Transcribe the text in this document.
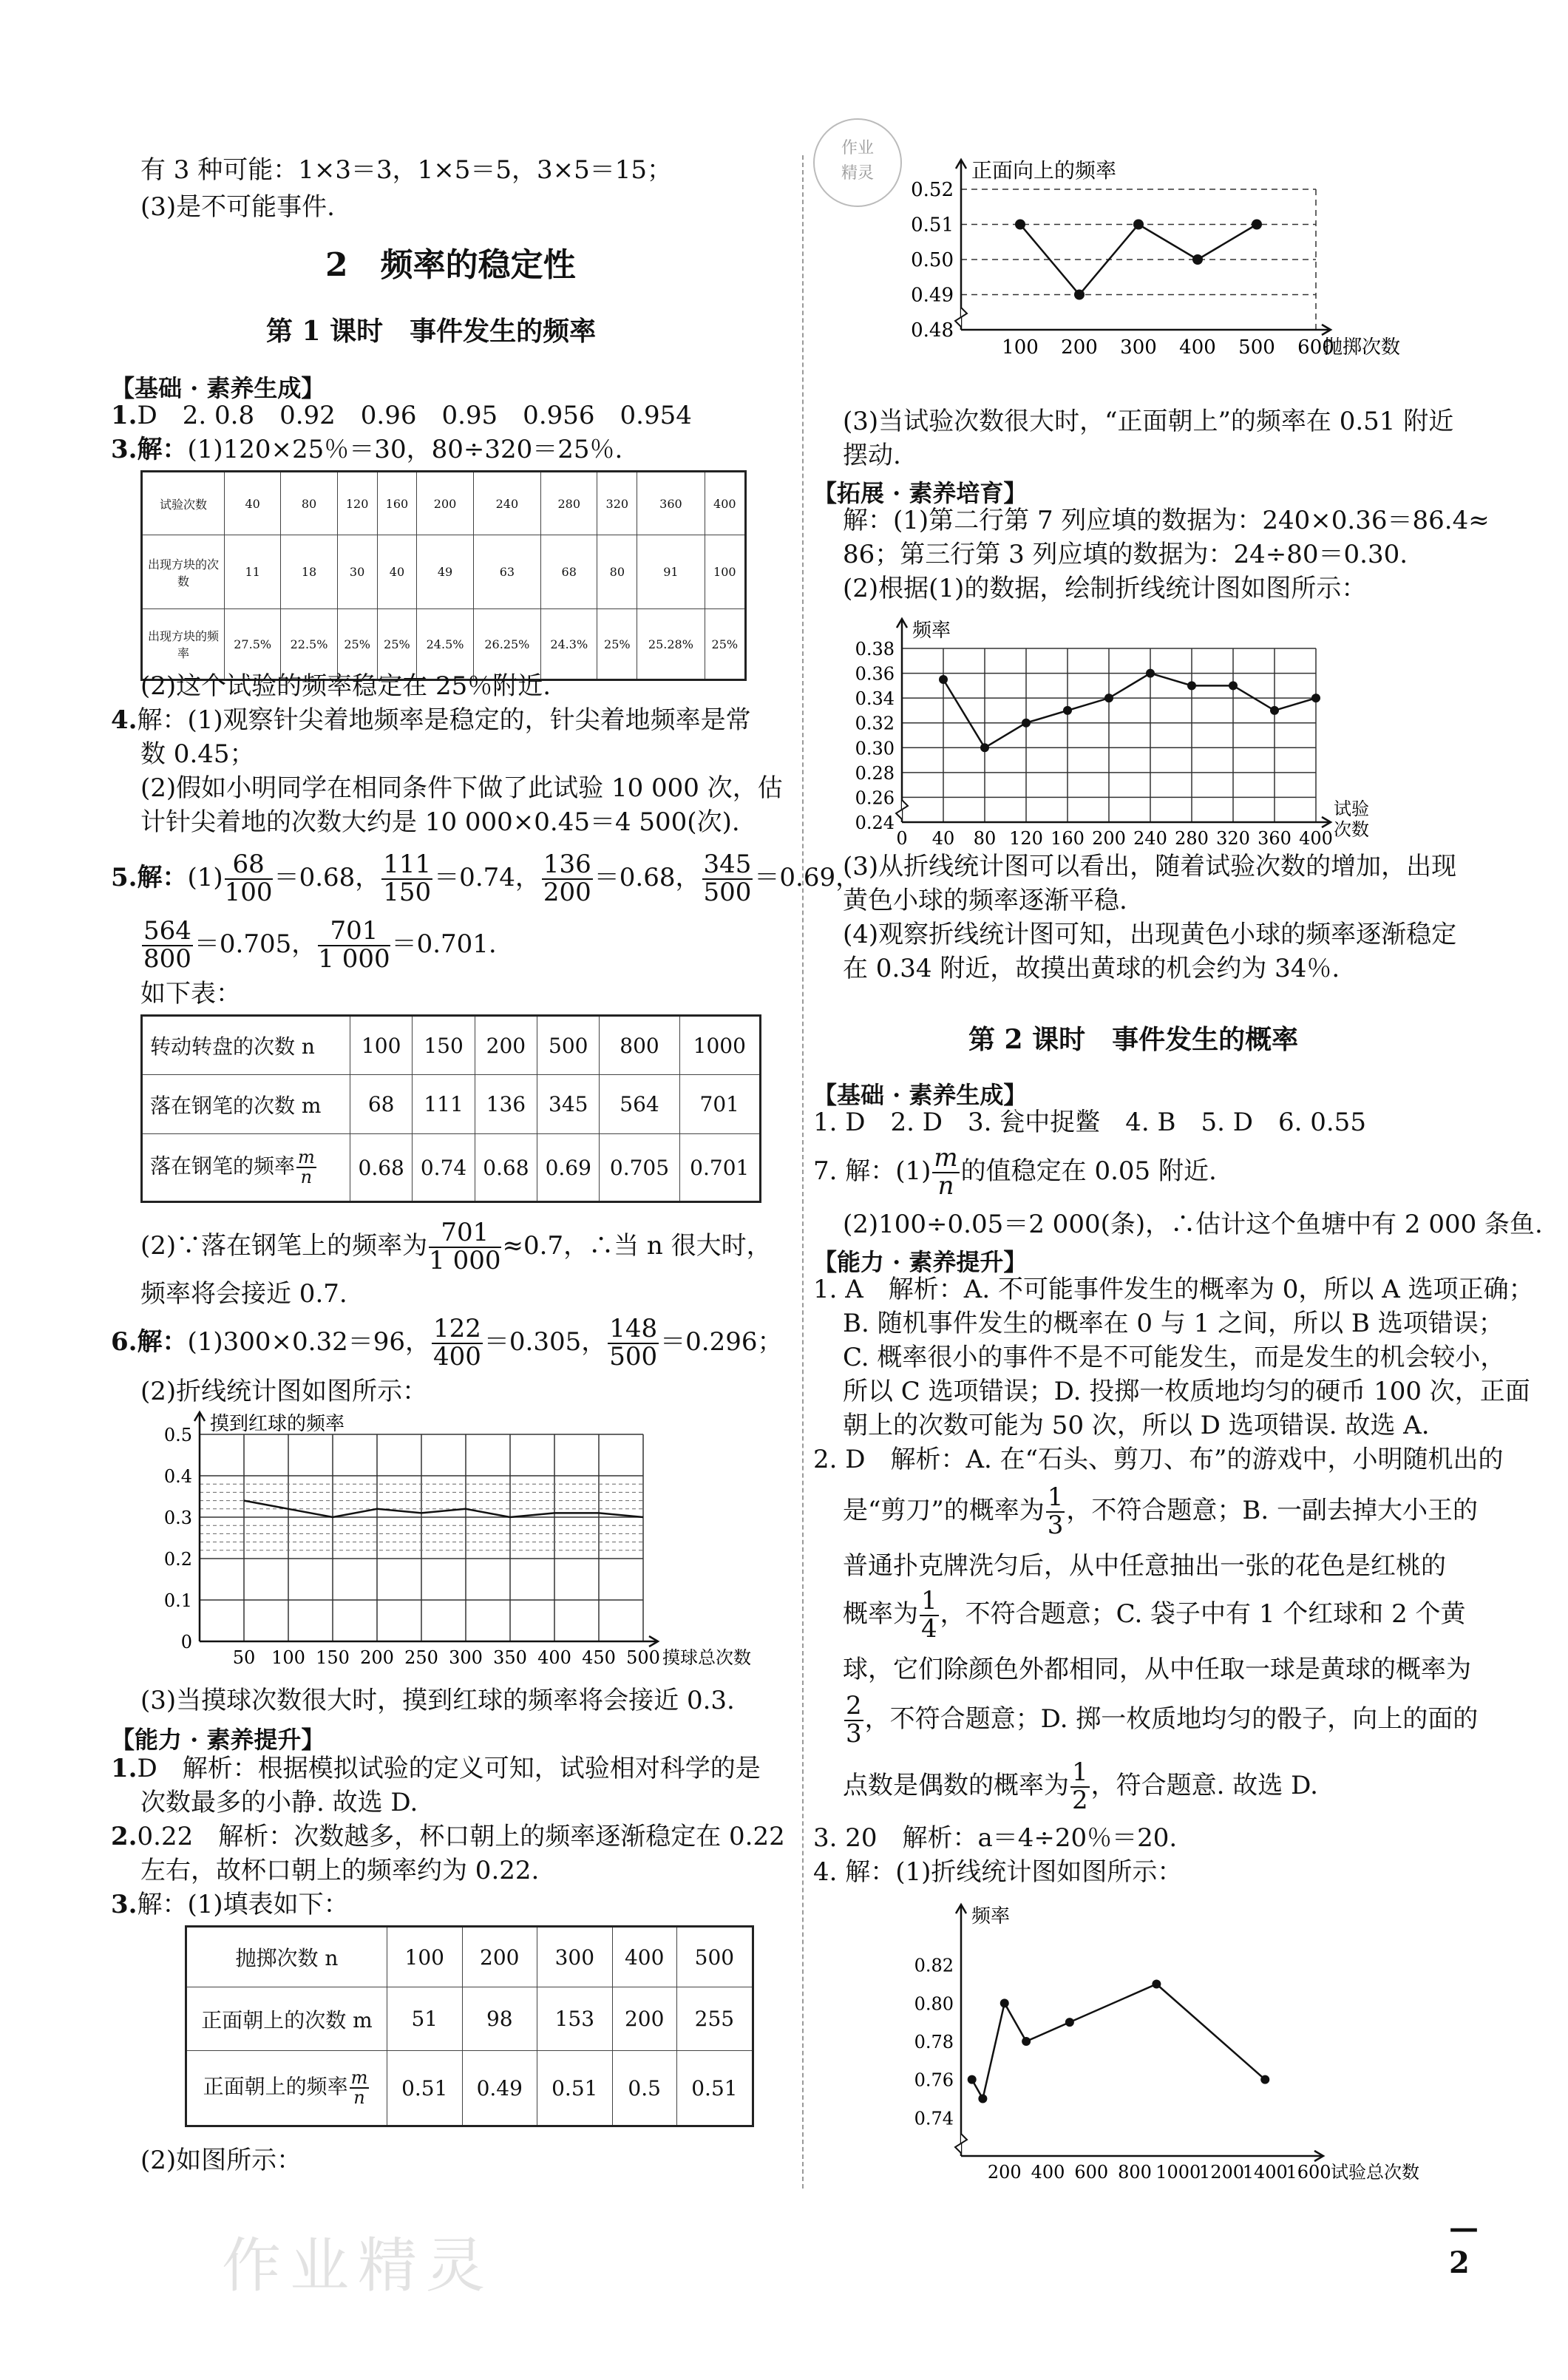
有 3 种可能：1×3＝3，1×5＝5，3×5＝15；
(3)是不可能事件.
2　频率的稳定性
第 1 课时　事件发生的频率
【基础 · 素养生成】
1.D　2. 0.8　0.92　0.96　0.95　0.956　0.954
3.解：(1)120×25％＝30，80÷320＝25％.
试验次数	40	80	120	160	200	240	280	320	360	400
出现方块的次数	11	18	30	40	49	63	68	80	91	100
出现方块的频率	27.5%	22.5%	25%	25%	24.5%	26.25%	24.3%	25%	25.28%	25%
(2)这个试验的频率稳定在 25％附近.
4.解：(1)观察针尖着地频率是稳定的，针尖着地频率是常
数 0.45；
(2)假如小明同学在相同条件下做了此试验 10 000 次，估
计针尖着地的次数大约是 10 000×0.45＝4 500(次).
5.解：$(1) \frac{68}{100} =0.68$， $\frac{111}{150} =0.74$， $\frac{136}{200} =0.68$， $\frac{345}{500} =0.69$，
$\frac{564}{800} =0.705$， $\frac{701}{1 000} =0.701$.
如下表：
转动转盘的次数 n	100	150	200	500	800	1000
落在钢笔的次数 m	68	111	136	345	564	701
落在钢笔的频率 $\frac{m}{n}$	0.68	0.74	0.68	0.69	0.705	0.701
(2)∵落在钢笔上的频率为 $\frac{701}{1 000} \approx 0.7$，∴当 n 很大时，
频率将会接近 0.7.
6.解：(1)300×0.32＝96， $\frac{122}{400} =0.305$， $\frac{148}{500} =0.296$；
(2)折线统计图如图所示：
0
0.1
0.2
0.3
0.4
0.5
50 100 150 200 250 300 350 400 450 500
摸到红球的频率
摸球总次数
(3)当摸球次数很大时，摸到红球的频率将会接近 0.3.
【能力 · 素养提升】
1.D　解析：根据模拟试验的定义可知，试验相对科学的是
次数最多的小静. 故选 D.
2.0.22　解析：次数越多，杯口朝上的频率逐渐稳定在 0.22
左右，故杯口朝上的频率约为 0.22.
3.解：(1)填表如下：
抛掷次数 n	100	200	300	400	500
正面朝上的次数 m	51	98	153	200	255
正面朝上的频率 $\frac{m}{n}$	0.51	0.49	0.51	0.5	0.51
(2)如图所示：
作业精灵
作业
精灵
0.48
0.49
0.50
0.51
0.52
100 200 300 400 500 600
正面向上的频率
抛掷次数
(3)当试验次数很大时，“正面朝上”的频率在 0.51 附近
摆动.
【拓展 · 素养培育】
解：(1)第二行第 7 列应填的数据为：240×0.36＝86.4≈
86；第三行第 3 列应填的数据为：24÷80＝0.30.
(2)根据(1)的数据，绘制折线统计图如图所示：
0.24
0.26
0.28
0.30
0.32
0.34
0.36
0.38
0 40 80 120 160 200 240 280 320 360 400
频率
试验
次数
(3)从折线统计图可以看出，随着试验次数的增加，出现
黄色小球的频率逐渐平稳.
(4)观察折线统计图可知，出现黄色小球的频率逐渐稳定
在 0.34 附近，故摸出黄球的机会约为 34％.
第 2 课时　事件发生的概率
【基础 · 素养生成】
1. D　2. D　3. 瓮中捉鳖　4. B　5. D　6. 0.55
7. 解：$(1) \frac{m}{n}$ 的值稳定在 0.05 附近.
(2)100÷0.05＝2 000(条)，∴估计这个鱼塘中有 2 000 条鱼.
【能力 · 素养提升】
1. A　解析：A. 不可能事件发生的概率为 0，所以 A 选项正确；
B. 随机事件发生的概率在 0 与 1 之间，所以 B 选项错误；
C. 概率很小的事件不是不可能发生，而是发生的机会较小，
所以 C 选项错误；D. 投掷一枚质地均匀的硬币 100 次，正面
朝上的次数可能为 50 次，所以 D 选项错误. 故选 A.
2. D　解析：A. 在“石头、剪刀、布”的游戏中，小明随机出的
是“剪刀”的概率为 $\frac{1}{3}$ ，不符合题意；B. 一副去掉大小王的
普通扑克牌洗匀后，从中任意抽出一张的花色是红桃的
概率为 $\frac{1}{4}$ ，不符合题意；C. 袋子中有 1 个红球和 2 个黄
球，它们除颜色外都相同，从中任取一球是黄球的概率为
$\frac{2}{3}$ ，不符合题意；D. 掷一枚质地均匀的骰子，向上的面的
点数是偶数的概率为 $\frac{1}{2}$ ，符合题意. 故选 D.
3. 20　解析：a＝4÷20％＝20.
4. 解：(1)折线统计图如图所示：
0.74
0.76
0.78
0.80
0.82
200 400 600 800 1000
1200
1400
1600
频率
试验总次数
—2
